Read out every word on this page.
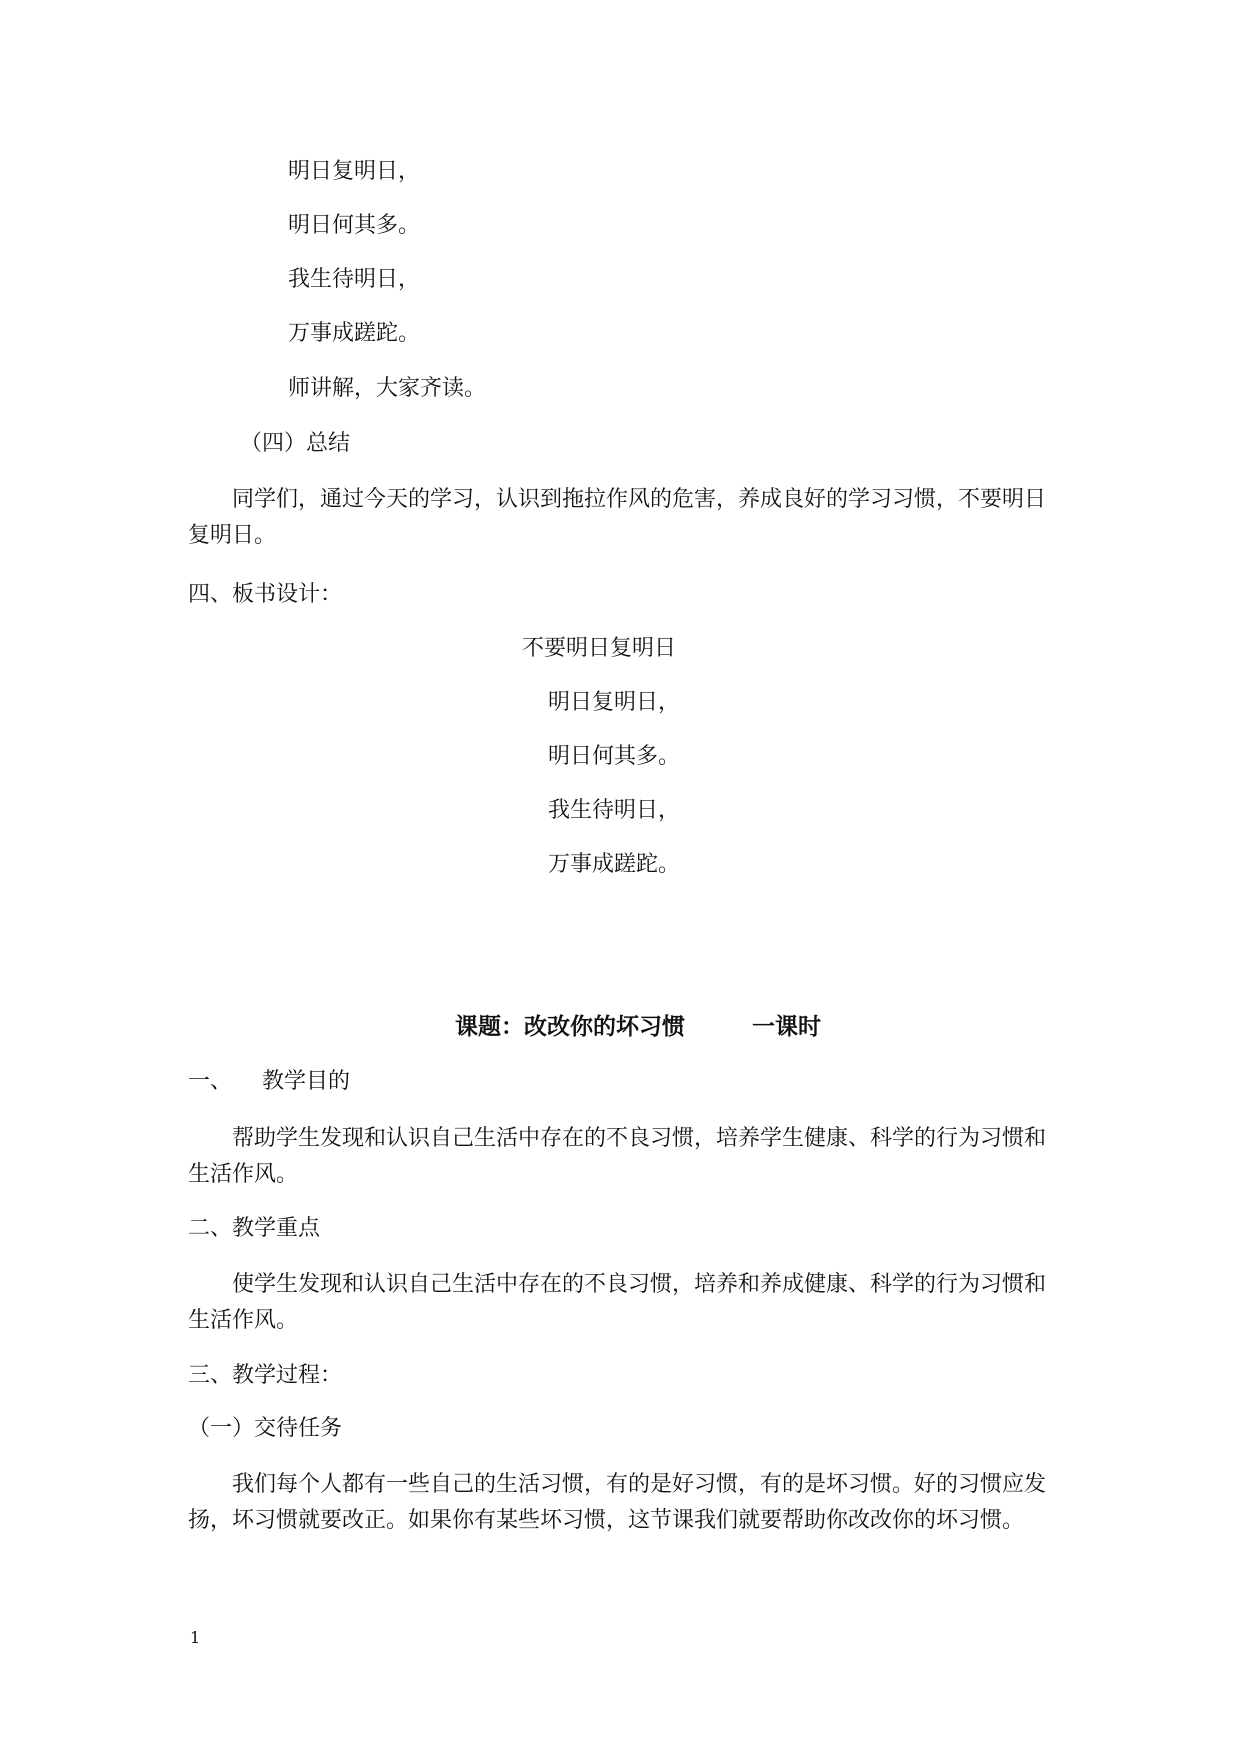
明日复明日，
明日何其多。
我生待明日，
万事成蹉跎。
师讲解，大家齐读。
（四）总结
同学们，通过今天的学习，认识到拖拉作风的危害，养成良好的学习习惯，不要明日复明日。
四、板书设计：
不要明日复明日
明日复明日，
明日何其多。
我生待明日，
万事成蹉跎。
课题：改改你的坏习惯	一课时
一、 教学目的
帮助学生发现和认识自己生活中存在的不良习惯，培养学生健康、科学的行为习惯和生活作风。
二、教学重点
使学生发现和认识自己生活中存在的不良习惯，培养和养成健康、科学的行为习惯和生活作风。
三、教学过程：
（一）交待任务
我们每个人都有一些自己的生活习惯，有的是好习惯，有的是坏习惯。好的习惯应发扬，坏习惯就要改正。如果你有某些坏习惯，这节课我们就要帮助你改改你的坏习惯。
1
